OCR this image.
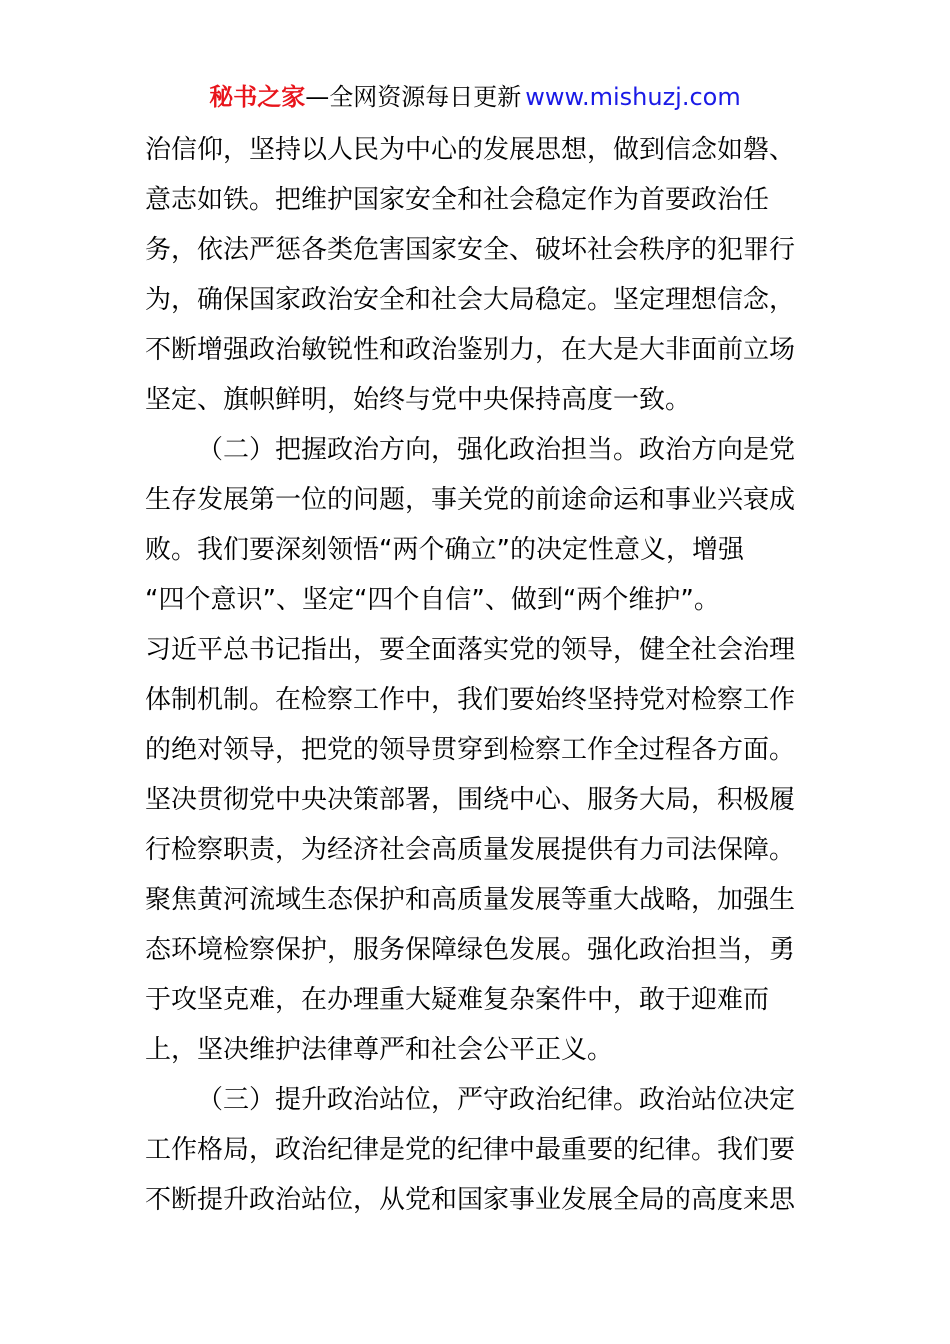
秘书之家—全网资源每日更新 www.mishuzj.com
治信仰，坚持以人民为中心的发展思想，做到信念如磐、
意志如铁。把维护国家安全和社会稳定作为首要政治任
务，依法严惩各类危害国家安全、破坏社会秩序的犯罪行
为，确保国家政治安全和社会大局稳定。坚定理想信念，
不断增强政治敏锐性和政治鉴别力，在大是大非面前立场
坚定、旗帜鲜明，始终与党中央保持高度一致。
（二）把握政治方向，强化政治担当。政治方向是党
生存发展第一位的问题，事关党的前途命运和事业兴衰成
败。我们要深刻领悟“两个确立”的决定性意义，增强
“四个意识”、坚定“四个自信”、做到“两个维护”。
习近平总书记指出，要全面落实党的领导，健全社会治理
体制机制。在检察工作中，我们要始终坚持党对检察工作
的绝对领导，把党的领导贯穿到检察工作全过程各方面。
坚决贯彻党中央决策部署，围绕中心、服务大局，积极履
行检察职责，为经济社会高质量发展提供有力司法保障。
聚焦黄河流域生态保护和高质量发展等重大战略，加强生
态环境检察保护，服务保障绿色发展。强化政治担当，勇
于攻坚克难，在办理重大疑难复杂案件中，敢于迎难而
上，坚决维护法律尊严和社会公平正义。
（三）提升政治站位，严守政治纪律。政治站位决定
工作格局，政治纪律是党的纪律中最重要的纪律。我们要
不断提升政治站位，从党和国家事业发展全局的高度来思
